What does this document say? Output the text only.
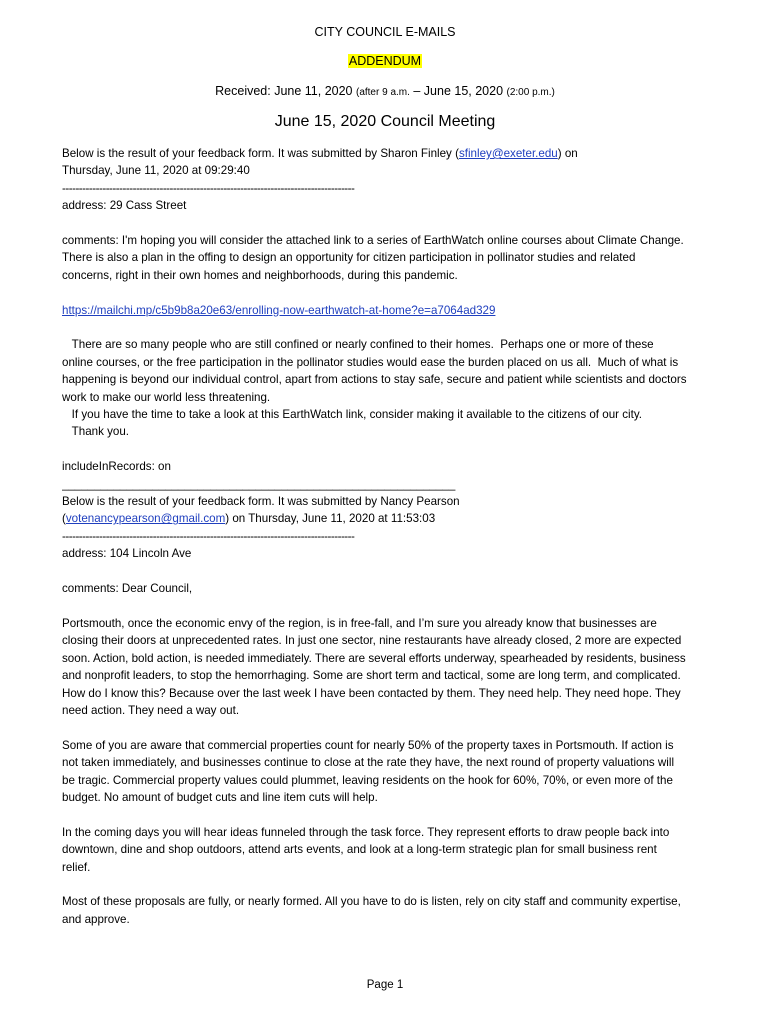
CITY COUNCIL E-MAILS
ADDENDUM
Received: June 11, 2020 (after 9 a.m. – June 15, 2020 (2:00 p.m.)
June 15, 2020 Council Meeting

Below is the result of your feedback form. It was submitted by Sharon Finley (sfinley@exeter.edu) on

Thursday, June 11, 2020 at 09:29:40

---------------------------------------------------------------------------------------

address: 29 Cass Street

comments: I'm hoping you will consider the attached link to a series of EarthWatch online courses about Climate Change. There is also a plan in the offing to design an opportunity for citizen participation in pollinator studies and related concerns, right in their own homes and neighborhoods, during this pandemic.

https://mailchi.mp/c5b9b8a20e63/enrolling-now-earthwatch-at-home?e=a7064ad329

There are so many people who are still confined or nearly confined to their homes.  Perhaps one or more of these online courses, or the free participation in the pollinator studies would ease the burden placed on us all.  Much of what is happening is beyond our individual control, apart from actions to stay safe, secure and patient while scientists and doctors work to make our world less threatening.

If you have the time to take a look at this EarthWatch link, consider making it available to the citizens of our city.

Thank you.

includeInRecords: on

_____________________________________________________________

Below is the result of your feedback form. It was submitted by Nancy Pearson

(votenancypearson@gmail.com) on Thursday, June 11, 2020 at 11:53:03

---------------------------------------------------------------------------------------

address: 104 Lincoln Ave

comments: Dear Council,

Portsmouth, once the economic envy of the region, is in free-fall, and I’m sure you already know that businesses are closing their doors at unprecedented rates. In just one sector, nine restaurants have already closed, 2 more are expected soon. Action, bold action, is needed immediately. There are several efforts underway, spearheaded by residents, business and nonprofit leaders, to stop the hemorrhaging. Some are short term and tactical, some are long term, and complicated. How do I know this? Because over the last week I have been contacted by them. They need help. They need hope. They need action. They need a way out.

Some of you are aware that commercial properties count for nearly 50% of the property taxes in Portsmouth. If action is not taken immediately, and businesses continue to close at the rate they have, the next round of property valuations will be tragic. Commercial property values could plummet, leaving residents on the hook for 60%, 70%, or even more of the budget. No amount of budget cuts and line item cuts will help.

In the coming days you will hear ideas funneled through the task force. They represent efforts to draw people back into downtown, dine and shop outdoors, attend arts events, and look at a long-term strategic plan for small business rent relief.

Most of these proposals are fully, or nearly formed. All you have to do is listen, rely on city staff and community expertise, and approve.

Page 1
